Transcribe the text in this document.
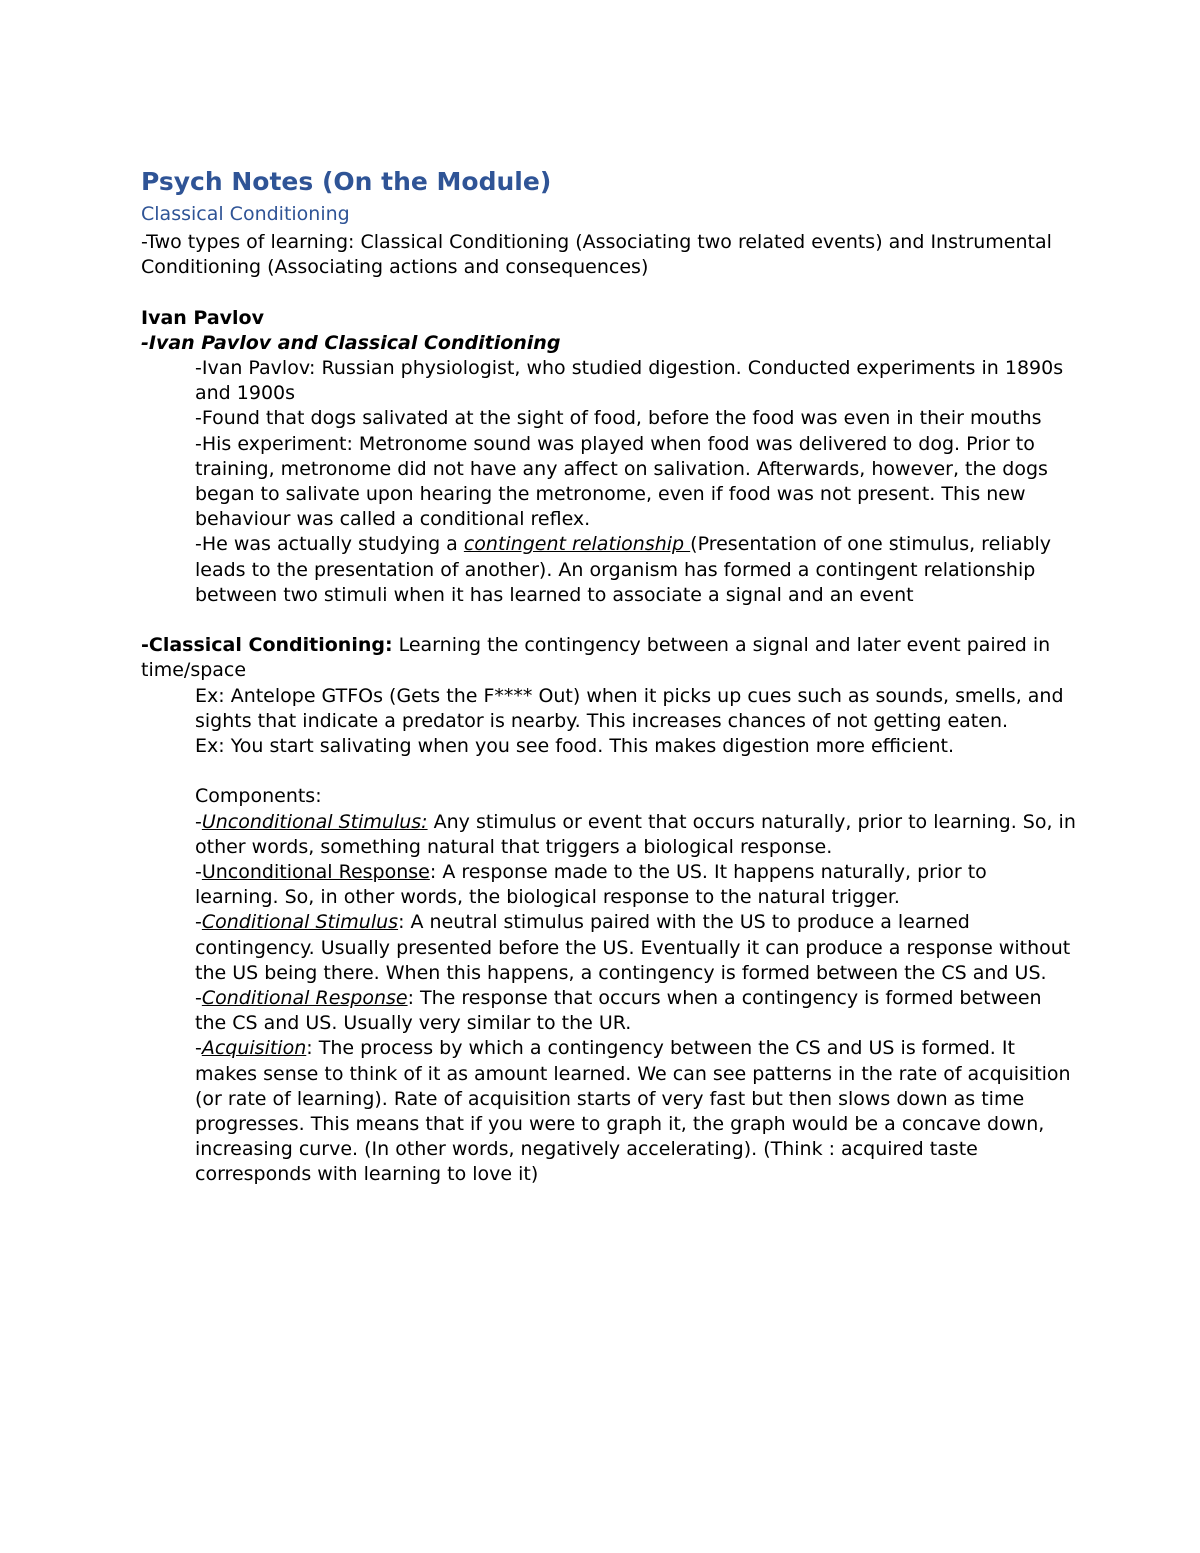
Psych Notes (On the Module)
Classical Conditioning

-Two types of learning: Classical Conditioning (Associating two related events) and Instrumental Conditioning (Associating actions and consequences)

Ivan Pavlov

-Ivan Pavlov and Classical Conditioning

-Ivan Pavlov: Russian physiologist, who studied digestion. Conducted experiments in 1890s and 1900s

-Found that dogs salivated at the sight of food, before the food was even in their mouths

-His experiment: Metronome sound was played when food was delivered to dog. Prior to training, metronome did not have any affect on salivation. Afterwards, however, the dogs began to salivate upon hearing the metronome, even if food was not present. This new behaviour was called a conditional reflex.

-He was actually studying a contingent relationship (Presentation of one stimulus, reliably leads to the presentation of another). An organism has formed a contingent relationship between two stimuli when it has learned to associate a signal and an event

-Classical Conditioning: Learning the contingency between a signal and later event paired in time/space

Ex: Antelope GTFOs (Gets the F**** Out) when it picks up cues such as sounds, smells, and sights that indicate a predator is nearby. This increases chances of not getting eaten.

Ex: You start salivating when you see food. This makes digestion more efficient.

Components:

-Unconditional Stimulus: Any stimulus or event that occurs naturally, prior to learning. So, in other words, something natural that triggers a biological response.

-Unconditional Response: A response made to the US. It happens naturally, prior to learning. So, in other words, the biological response to the natural trigger.

-Conditional Stimulus: A neutral stimulus paired with the US to produce a learned contingency. Usually presented before the US. Eventually it can produce a response without the US being there. When this happens, a contingency is formed between the CS and US.

-Conditional Response: The response that occurs when a contingency is formed between the CS and US. Usually very similar to the UR.

-Acquisition: The process by which a contingency between the CS and US is formed. It makes sense to think of it as amount learned. We can see patterns in the rate of acquisition (or rate of learning). Rate of acquisition starts of very fast but then slows down as time progresses. This means that if you were to graph it, the graph would be a concave down, increasing curve. (In other words, negatively accelerating). (Think : acquired taste corresponds with learning to love it)
